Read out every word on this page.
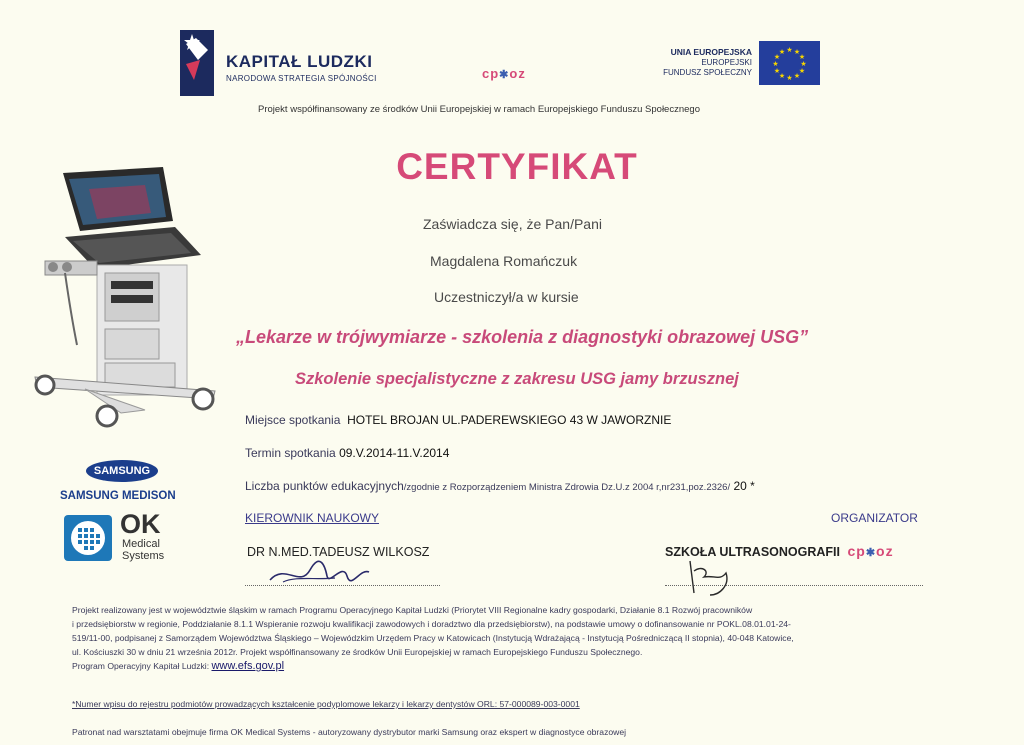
KAPITAŁ LUDZKI
NARODOWA STRATEGIA SPÓJNOŚCI	cp✱oz
UNIA EUROPEJSKA
EUROPEJSKI
FUNDUSZ SPOŁECZNY
★ ★
★
★
★
★
★
★
★
★
★
★
Projekt współfinansowany ze środków Unii Europejskiej w ramach Europejskiego Funduszu Społecznego
CERTYFIKAT
Zaświadcza się, że Pan/Pani
Magdalena Romańczuk
Uczestniczył/a w kursie
„Lekarze w trójwymiarze - szkolenia z diagnostyki obrazowej USG”
Szkolenie specjalistyczne z zakresu USG jamy brzusznej
Miejsce spotkania HOTEL BROJAN UL.PADEREWSKIEGO 43 W JAWORZNIE
Termin spotkania 09.V.2014-11.V.2014
Liczba punktów edukacyjnych/zgodnie z Rozporządzeniem Ministra Zdrowia Dz.U.z 2004 r,nr231,poz.2326/ 20 *
SAMSUNG
SAMSUNG MEDISON
OK
Medical
Systems
KIEROWNIK NAUKOWY	ORGANIZATOR
DR N.MED.TADEUSZ WILKOSZ	SZKOŁA ULTRASONOGRAFII cp✱oz
Projekt realizowany jest w województwie śląskim w ramach Programu Operacyjnego Kapitał Ludzki (Priorytet VIII Regionalne kadry gospodarki, Działanie 8.1 Rozwój pracowników
i przedsiębiorstw w regionie, Poddziałanie 8.1.1 Wspieranie rozwoju kwalifikacji zawodowych i doradztwo dla przedsiębiorstw), na podstawie umowy o dofinansowanie nr POKL.08.01.01-24-
519/11-00, podpisanej z Samorządem Województwa Śląskiego – Wojewódzkim Urzędem Pracy w Katowicach (Instytucją Wdrażającą - Instytucją Pośredniczącą II stopnia), 40-048 Katowice,
ul. Kościuszki 30 w dniu 21 września 2012r. Projekt współfinansowany ze środków Unii Europejskiej w ramach Europejskiego Funduszu Społecznego.
Program Operacyjny Kapitał Ludzki: www.efs.gov.pl
*Numer wpisu do rejestru podmiotów prowadzących kształcenie podyplomowe lekarzy i lekarzy dentystów ORL: 57-000089-003-0001
Patronat nad warsztatami obejmuje firma OK Medical Systems - autoryzowany dystrybutor marki Samsung oraz ekspert w diagnostyce obrazowej
